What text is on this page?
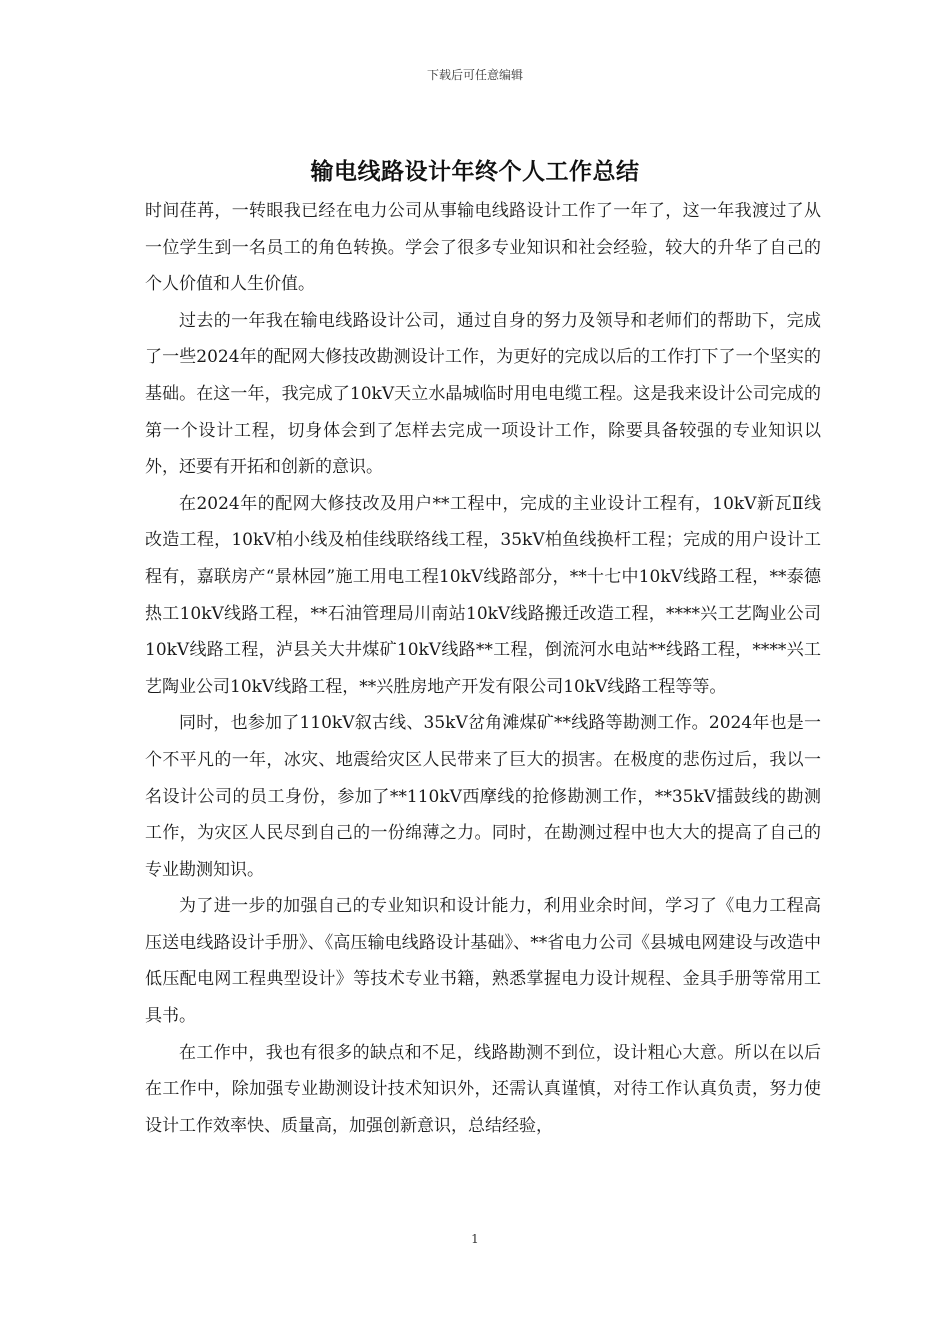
下载后可任意编辑
输电线路设计年终个人工作总结

时间荏苒，一转眼我已经在电力公司从事输电线路设计工作了一年了，这一年我渡过了从一位学生到一名员工的角色转换。学会了很多专业知识和社会经验，较大的升华了自己的个人价值和人生价值。

过去的一年我在输电线路设计公司，通过自身的努力及领导和老师们的帮助下，完成了一些2024年的配网大修技改勘测设计工作，为更好的完成以后的工作打下了一个坚实的基础。在这一年，我完成了10kV天立水晶城临时用电电缆工程。这是我来设计公司完成的第一个设计工程，切身体会到了怎样去完成一项设计工作，除要具备较强的专业知识以外，还要有开拓和创新的意识。

在2024年的配网大修技改及用户**工程中，完成的主业设计工程有，10kV新瓦Ⅱ线改造工程，10kV柏小线及柏佳线联络线工程，35kV柏鱼线换杆工程；完成的用户设计工程有，嘉联房产“景林园”施工用电工程10kV线路部分，**十七中10kV线路工程，**泰德热工10kV线路工程，**石油管理局川南站10kV线路搬迁改造工程，****兴工艺陶业公司10kV线路工程，泸县关大井煤矿10kV线路**工程，倒流河水电站**线路工程，****兴工艺陶业公司10kV线路工程，**兴胜房地产开发有限公司10kV线路工程等等。

同时，也参加了110kV叙古线、35kV岔角滩煤矿**线路等勘测工作。2024年也是一个不平凡的一年，冰灾、地震给灾区人民带来了巨大的损害。在极度的悲伤过后，我以一名设计公司的员工身份，参加了**110kV西摩线的抢修勘测工作，**35kV擂鼓线的勘测工作，为灾区人民尽到自己的一份绵薄之力。同时，在勘测过程中也大大的提高了自己的专业勘测知识。

为了进一步的加强自己的专业知识和设计能力，利用业余时间，学习了《电力工程高压送电线路设计手册》、《高压输电线路设计基础》、**省电力公司《县城电网建设与改造中低压配电网工程典型设计》等技术专业书籍，熟悉掌握电力设计规程、金具手册等常用工具书。

在工作中，我也有很多的缺点和不足，线路勘测不到位，设计粗心大意。所以在以后在工作中，除加强专业勘测设计技术知识外，还需认真谨慎，对待工作认真负责，努力使设计工作效率快、质量高，加强创新意识，总结经验，

1
